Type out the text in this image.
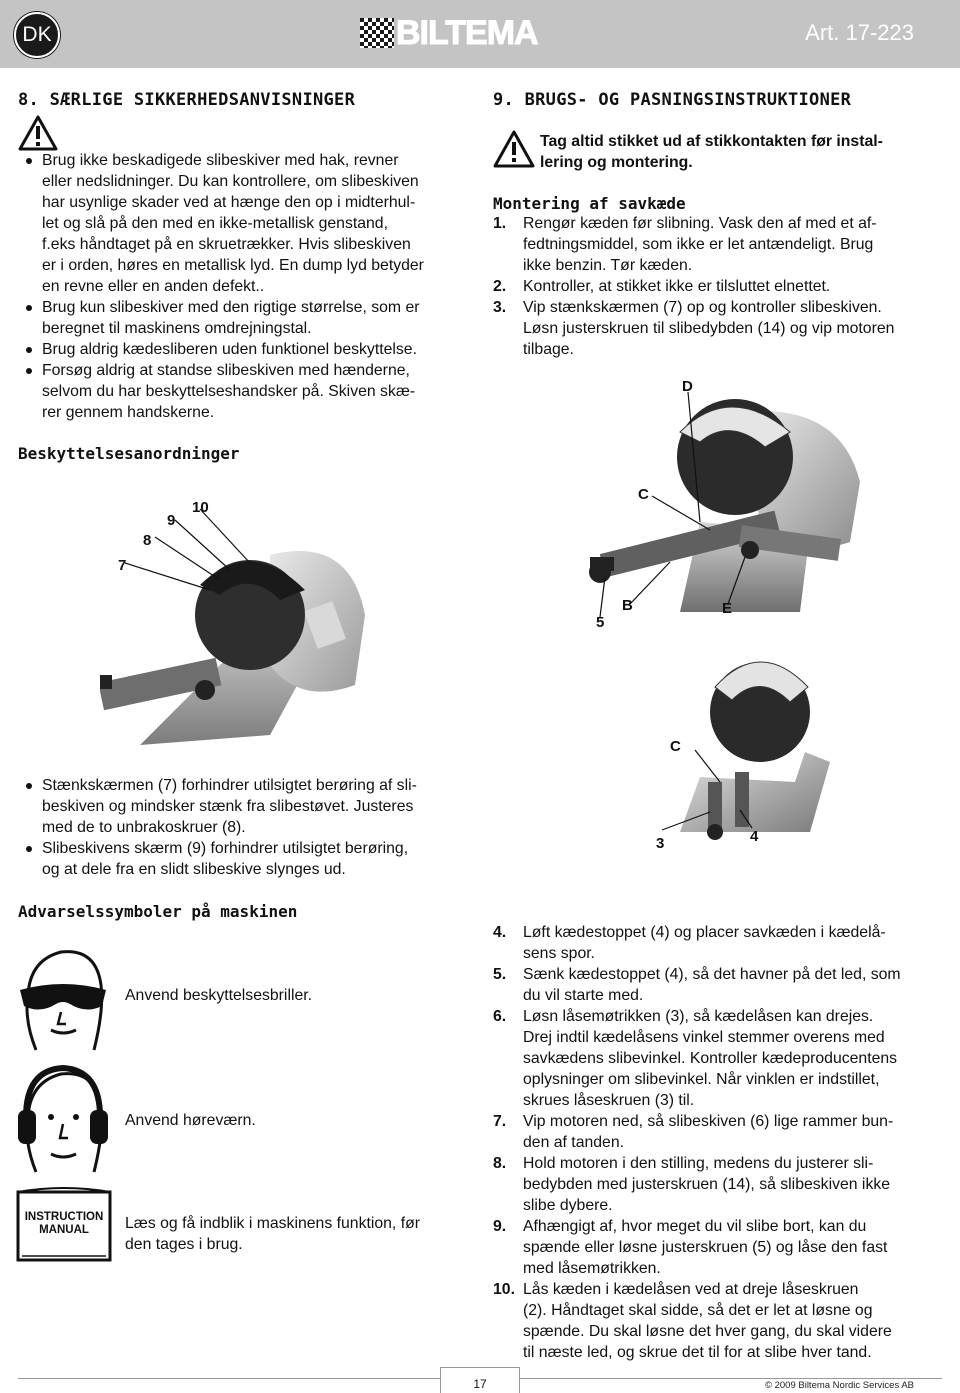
DK	BILTEMA	Art. 17-223
8. SÆRLIGE SIKKERHEDSANVISNINGER
Brug ikke beskadigede slibeskiver med hak, revner
eller nedslidninger. Du kan kontrollere, om slibeskiven
har usynlige skader ved at hænge den op i midterhul-
let og slå på den med en ikke-metallisk genstand,
f.eks håndtaget på en skruetrækker. Hvis slibeskiven
er i orden, høres en metallisk lyd. En dump lyd betyder
en revne eller en anden defekt..
Brug kun slibeskiver med den rigtige størrelse, som er
beregnet til maskinens omdrejningstal.
Brug aldrig kædesliberen uden funktionel beskyttelse.
Forsøg aldrig at standse slibeskiven med hænderne,
selvom du har beskyttelseshandsker på. Skiven skæ-
rer gennem handskerne.
Beskyttelsesanordninger
7
8
9
10
Stænkskærmen (7) forhindrer utilsigtet berøring af sli-
beskiven og mindsker stænk fra slibestøvet. Justeres
med de to unbrakoskruer (8).
Slibeskivens skærm (9) forhindrer utilsigtet berøring,
og at dele fra en slidt slibeskive slynges ud.
Advarselssymboler på maskinen
Anvend beskyttelsesbriller.
Anvend høreværn.
INSTRUCTION
MANUAL	Læs og få indblik i maskinens funktion, før
den tages i brug.
9. BRUGS- OG PASNINGSINSTRUKTIONER
Tag altid stikket ud af stikkontakten før instal-
lering og montering.
Montering af savkæde
1. Rengør kæden før slibning. Vask den af med et af-
fedtningsmiddel, som ikke er let antændeligt. Brug
ikke benzin. Tør kæden.
2. Kontroller, at stikket ikke er tilsluttet elnettet.
3. Vip stænkskærmen (7) op og kontroller slibeskiven.
Løsn justerskruen til slibedybden (14) og vip motoren
tilbage.
D
C
5
B	E
C
3	4
4. Løft kædestoppet (4) og placer savkæden i kædelå-
sens spor.
5. Sænk kædestoppet (4), så det havner på det led, som
du vil starte med.
6. Løsn låsemøtrikken (3), så kædelåsen kan drejes.
Drej indtil kædelåsens vinkel stemmer overens med
savkædens slibevinkel. Kontroller kædeproducentens
oplysninger om slibevinkel. Når vinklen er indstillet,
skrues låseskruen (3) til.
7. Vip motoren ned, så slibeskiven (6) lige rammer bun-
den af tanden.
8. Hold motoren i den stilling, medens du justerer sli-
bedybden med justerskruen (14), så slibeskiven ikke
slibe dybere.
9. Afhængigt af, hvor meget du vil slibe bort, kan du
spænde eller løsne justerskruen (5) og låse den fast
med låsemøtrikken.
10. Lås kæden i kædelåsen ved at dreje låseskruen
(2). Håndtaget skal sidde, så det er let at løsne og
spænde. Du skal løsne det hver gang, du skal videre
til næste led, og skrue det til for at slibe hver tand.
17	© 2009 Biltema Nordic Services AB
